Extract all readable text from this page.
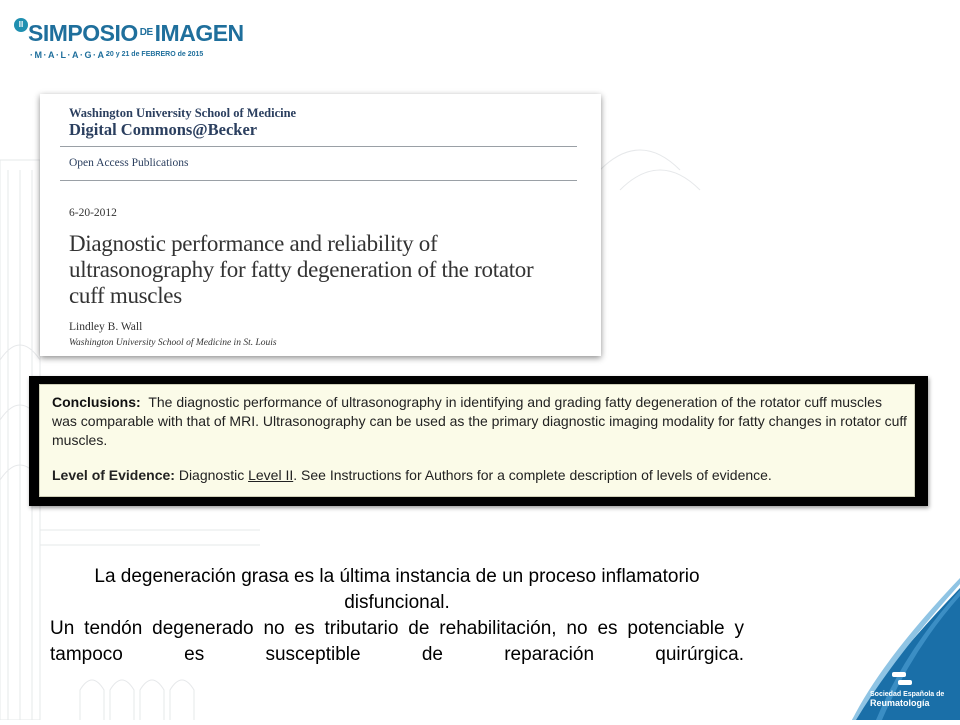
II SIMPOSIO $^{DE}$IMAGEN
·M·A·L·A·G·A·
20 y 21 de FEBRERO de 2015
Washington University School of Medicine
Digital Commons@Becker
Open Access Publications
6-20-2012
Diagnostic performance and reliability of ultrasonography for fatty degeneration of the rotator cuff muscles
Lindley B. Wall
Washington University School of Medicine in St. Louis
Conclusions: The diagnostic performance of ultrasonography in identifying and grading fatty degeneration of the rotator cuff muscles was comparable with that of MRI. Ultrasonography can be used as the primary diagnostic imaging modality for fatty changes in rotator cuff muscles.
Level of Evidence: Diagnostic Level II. See Instructions for Authors for a complete description of levels of evidence.
La degeneración grasa es la última instancia de un proceso inflamatorio disfuncional.
Un tendón degenerado no es tributario de rehabilitación, no es potenciable y tampoco es susceptible de reparación quirúrgica.
Sociedad Española de
Reumatología
